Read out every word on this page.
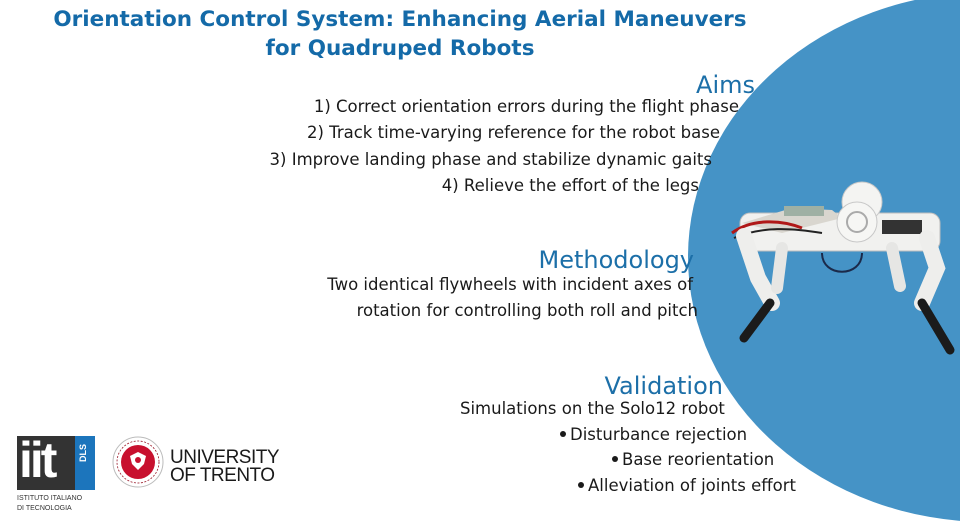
Orientation Control System: Enhancing Aerial Maneuvers
for Quadruped Robots
Aims
1) Correct orientation errors during the flight phase
2) Track time-varying reference for the robot base
3) Improve landing phase and stabilize dynamic gaits
4) Relieve the effort of the legs
Methodology
Two identical flywheels with incident axes of
rotation for controlling both roll and pitch
Validation
Simulations on the Solo12 robot
Disturbance rejection
Base reorientation
Alleviation of joints effort
iit	DLS
ISTITUTO ITALIANO
DI TECNOLOGIA
UNIVERSITY
OF TRENTO
